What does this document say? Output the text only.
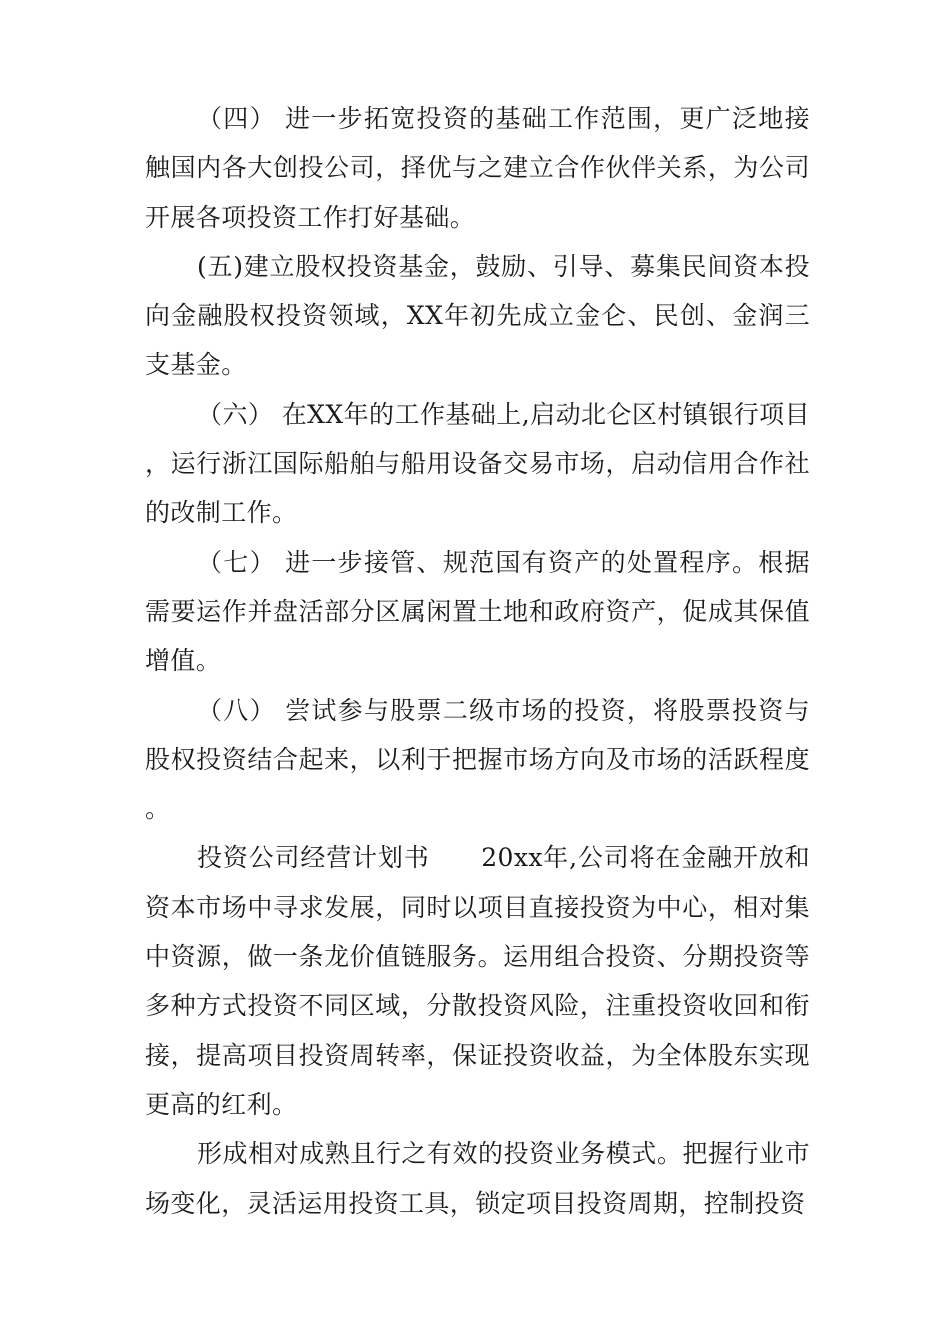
（四） 进一步拓宽投资的基础工作范围，更广泛地接触国内各大创投公司，择优与之建立合作伙伴关系，为公司开展各项投资工作打好基础。

(五)建立股权投资基金，鼓励、引导、募集民间资本投向金融股权投资领域，XX年初先成立金仑、民创、金润三支基金。

（六） 在XX年的工作基础上,启动北仑区村镇银行项目，运行浙江国际船舶与船用设备交易市场，启动信用合作社的改制工作。

（七） 进一步接管、规范国有资产的处置程序。根据需要运作并盘活部分区属闲置土地和政府资产，促成其保值增值。

（八） 尝试参与股票二级市场的投资，将股票投资与股权投资结合起来，以利于把握市场方向及市场的活跃程度。

投资公司经营计划书　　20xx年,公司将在金融开放和资本市场中寻求发展，同时以项目直接投资为中心，相对集中资源，做一条龙价值链服务。运用组合投资、分期投资等多种方式投资不同区域，分散投资风险，注重投资收回和衔接，提高项目投资周转率，保证投资收益，为全体股东实现更高的红利。

形成相对成熟且行之有效的投资业务模式。把握行业市场变化，灵活运用投资工具，锁定项目投资周期，控制投资
